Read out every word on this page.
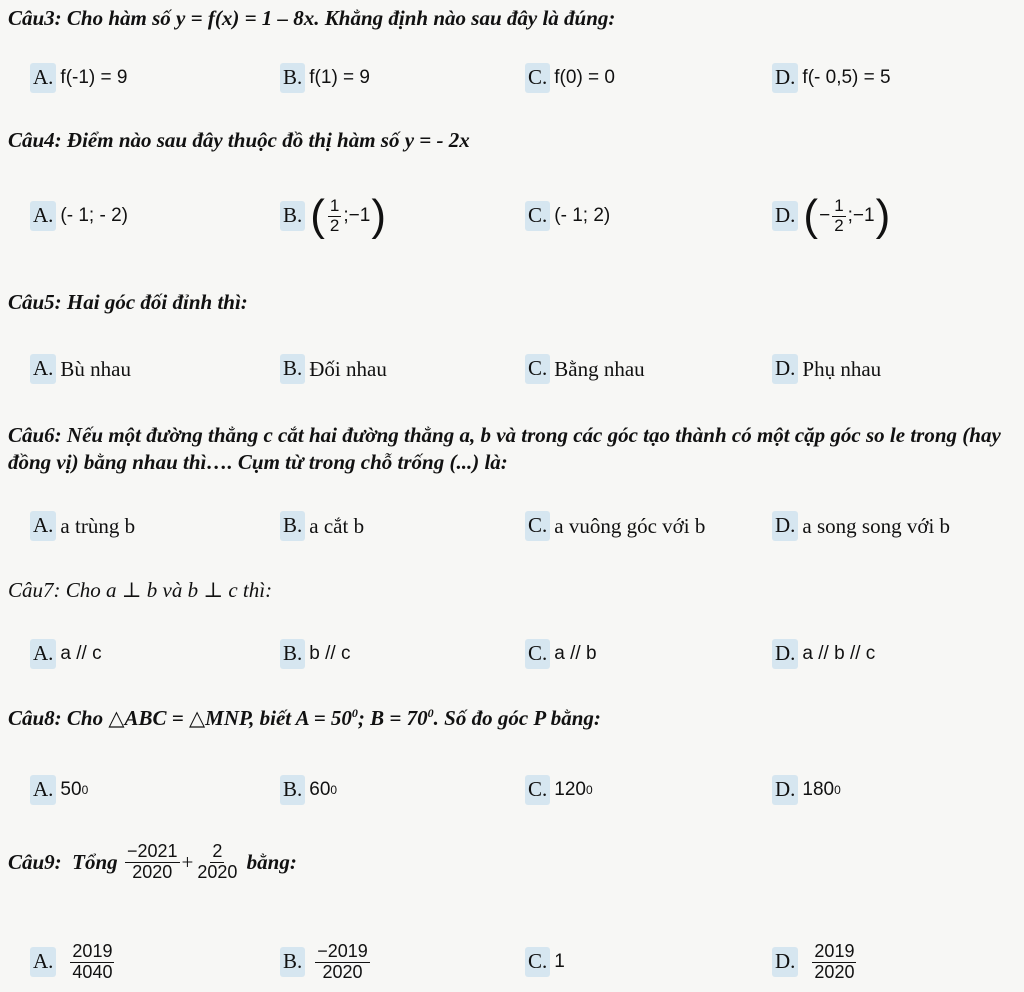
Câu3: Cho hàm số y = f(x) = 1 – 8x. Khẳng định nào sau đây là đúng:
A. f(-1) = 9	B. f(1) = 9	C. f(0) = 0	D. f(- 0,5) = 5
Câu4: Điểm nào sau đây thuộc đồ thị hàm số y = - 2x
A. (- 1; - 2)	B. ( $\frac{1}{2}$ ;−1 )	C. (- 1; 2)	D. ( − $\frac{1}{2}$ ;−1 )
Câu5: Hai góc đối đỉnh thì:
A. Bù nhau	B. Đối nhau	C. Bằng nhau	D. Phụ nhau
Câu6: Nếu một đường thẳng c cắt hai đường thẳng a, b và trong các góc tạo thành có một cặp góc so le trong (hay đồng vị) bằng nhau thì…. Cụm từ trong chỗ trống (...) là:
A. a trùng b	B. a cắt b	C. a vuông góc với b	D. a song song với b
Câu7: Cho a ⊥ b và b ⊥ c thì:
A. a // c	B. b // c	C. a // b	D. a // b // c
Câu8: Cho △ABC = △MNP, biết $A = 50^0$; $B = 70^0$. Số đo góc P bằng:
A. 50 0	B. 60 0	C. 120 0	D. 180 0
Câu9:  Tổng $\frac{-2021}{2020} + \frac{2}{2020}$ bằng:
A. $\frac{2019}{4040}$	B. $\frac{-2019}{2020}$	C. 1	D. $\frac{2019}{2020}$
